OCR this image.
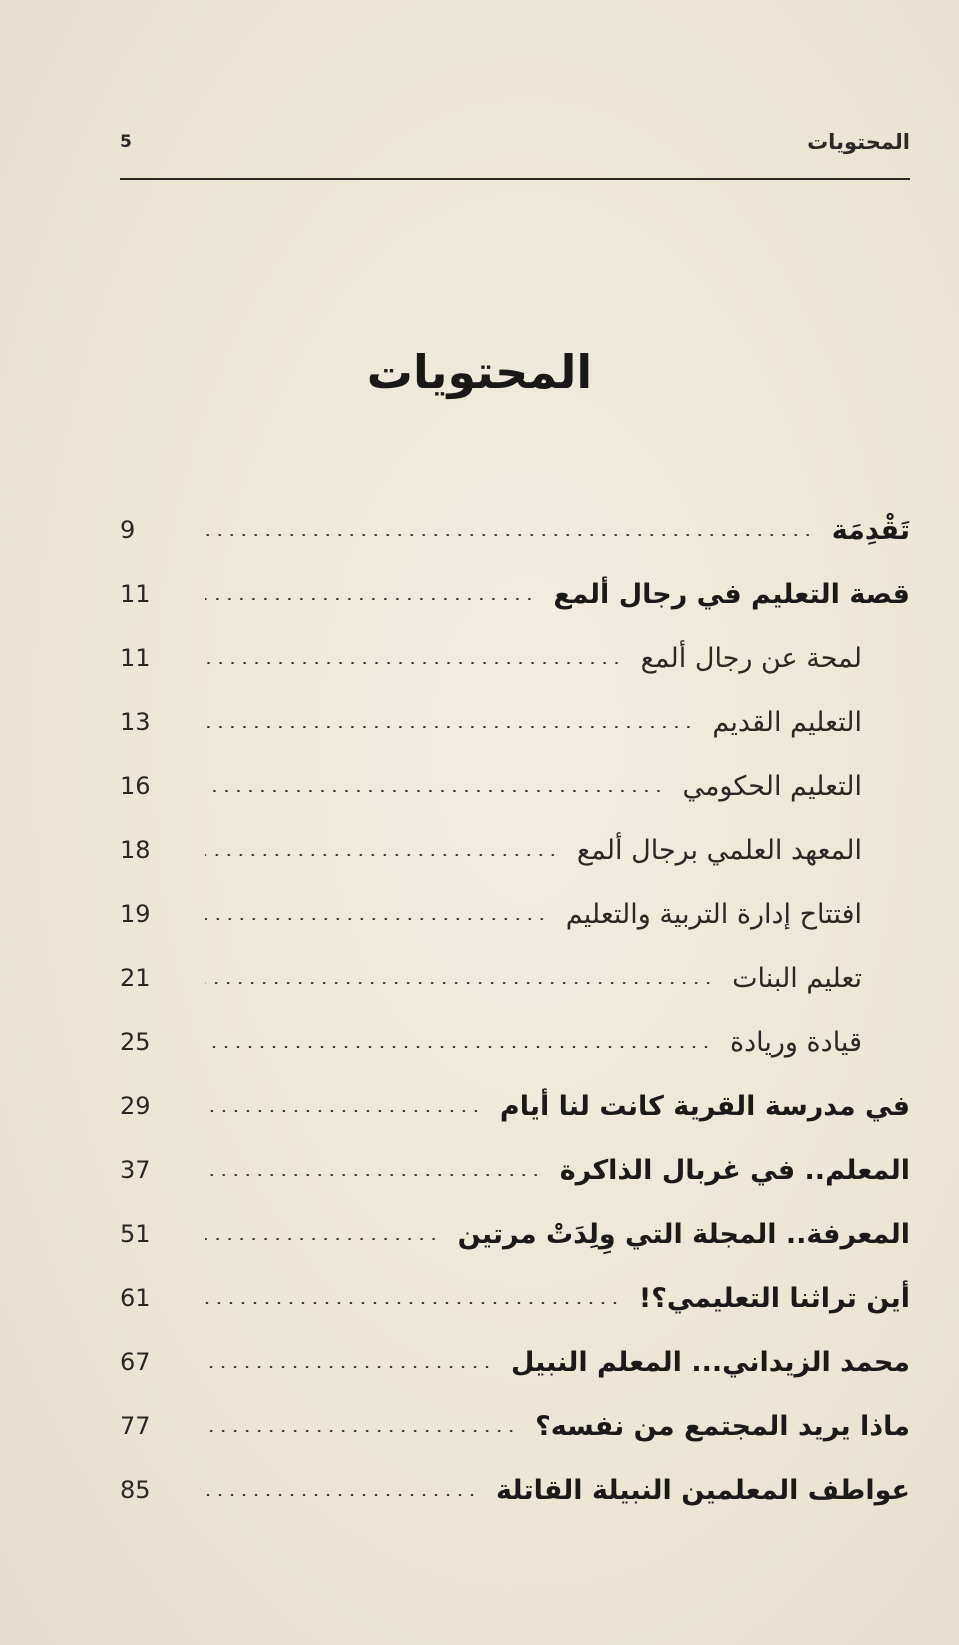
المحتويات
5
المحتويات
تَقْدِمَة
9
قصة التعليم في رجال ألمع
11
لمحة عن رجال ألمع
11
التعليم القديم
13
التعليم الحكومي
16
المعهد العلمي برجال ألمع
18
افتتاح إدارة التربية والتعليم
19
تعليم البنات
21
قيادة وريادة
25
في مدرسة القرية كانت لنا أيام
29
المعلم.. في غربال الذاكرة
37
المعرفة.. المجلة التي وِلِدَتْ مرتين
51
أين تراثنا التعليمي؟!
61
محمد الزيداني... المعلم النبيل
67
ماذا يريد المجتمع من نفسه؟
77
عواطف المعلمين النبيلة القاتلة
85
